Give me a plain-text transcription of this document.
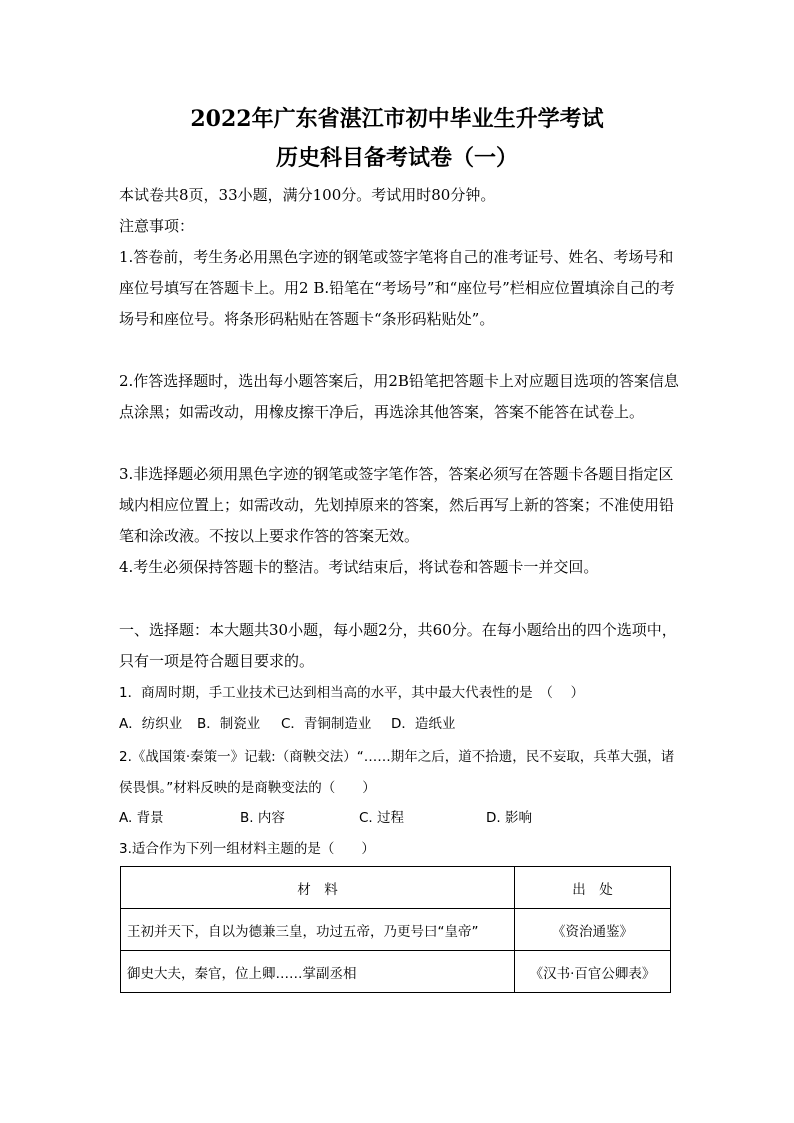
2022年广东省湛江市初中毕业生升学考试
历史科目备考试卷（一）

本试卷共8页，33小题，满分100分。考试用时80分钟。

注意事项：

1.答卷前，考生务必用黑色字迹的钢笔或签字笔将自己的准考证号、姓名、考场号和座位号填写在答题卡上。用2 B.铅笔在“考场号”和“座位号”栏相应位置填涂自己的考场号和座位号。将条形码粘贴在答题卡“条形码粘贴处”。

2.作答选择题时，选出每小题答案后，用2B铅笔把答题卡上对应题目选项的答案信息点涂黑；如需改动，用橡皮擦干净后，再选涂其他答案，答案不能答在试卷上。

3.非选择题必须用黑色字迹的钢笔或签字笔作答，答案必须写在答题卡各题目指定区域内相应位置上；如需改动，先划掉原来的答案，然后再写上新的答案；不准使用铅笔和涂改液。不按以上要求作答的答案无效。

4.考生必须保持答题卡的整洁。考试结束后，将试卷和答题卡一并交回。

一、选择题：本大题共30小题，每小题2分，共60分。在每小题给出的四个选项中，只有一项是符合题目要求的。

1．商周时期，手工业技术已达到相当高的水平，其中最大代表性的是　（　 ）

A．纺织业 B．制瓷业 C．青铜制造业 D．造纸业

2.《战国策·秦策一》记载:（商鞅交法）“……期年之后，道不拾遗，民不妄取，兵革大强，诸侯畏惧。”材料反映的是商鞅变法的（　　）

A. 背景	B. 内容	C. 过程	D. 影响

3.适合作为下列一组材料主题的是（　　）

材　料	出　处
王初并天下，自以为德兼三皇，功过五帝，乃更号曰“皇帝”	《资治通鉴》
御史大夫，秦官，位上卿……掌副丞相	《汉书·百官公卿表》
